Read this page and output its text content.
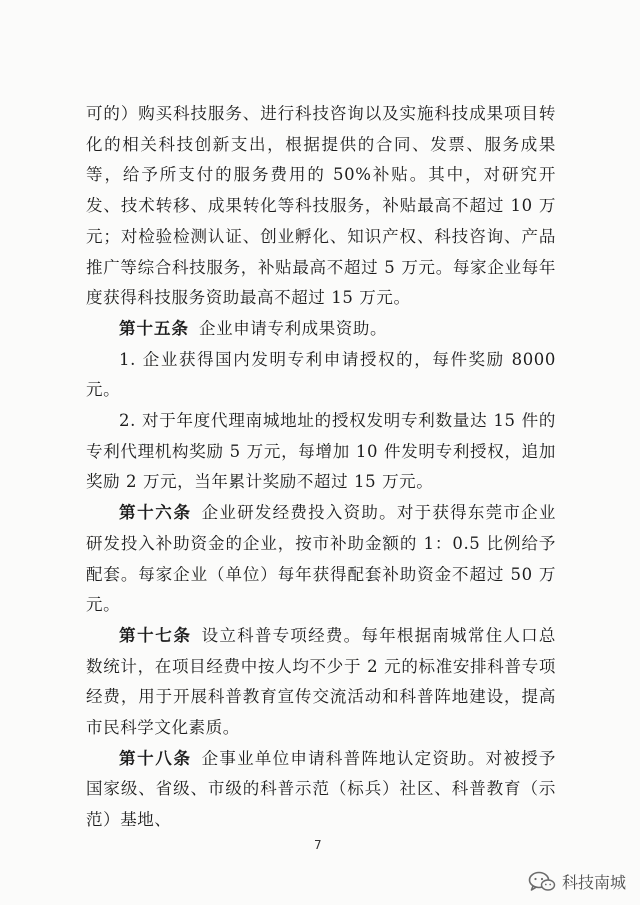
可的）购买科技服务、进行科技咨询以及实施科技成果项目转化的相关科技创新支出，根据提供的合同、发票、服务成果等，给予所支付的服务费用的 50%补贴。其中，对研究开发、技术转移、成果转化等科技服务，补贴最高不超过 10 万元；对检验检测认证、创业孵化、知识产权、科技咨询、产品推广等综合科技服务，补贴最高不超过 5 万元。每家企业每年度获得科技服务资助最高不超过 15 万元。

第十五条 企业申请专利成果资助。

1. 企业获得国内发明专利申请授权的，每件奖励 8000 元。

2. 对于年度代理南城地址的授权发明专利数量达 15 件的专利代理机构奖励 5 万元，每增加 10 件发明专利授权，追加奖励 2 万元，当年累计奖励不超过 15 万元。

第十六条 企业研发经费投入资助。对于获得东莞市企业研发投入补助资金的企业，按市补助金额的 1：0.5 比例给予配套。每家企业（单位）每年获得配套补助资金不超过 50 万元。

第十七条 设立科普专项经费。每年根据南城常住人口总数统计，在项目经费中按人均不少于 2 元的标准安排科普专项经费，用于开展科普教育宣传交流活动和科普阵地建设，提高市民科学文化素质。

第十八条 企事业单位申请科普阵地认定资助。对被授予国家级、省级、市级的科普示范（标兵）社区、科普教育（示范）基地、

7
科技南城
